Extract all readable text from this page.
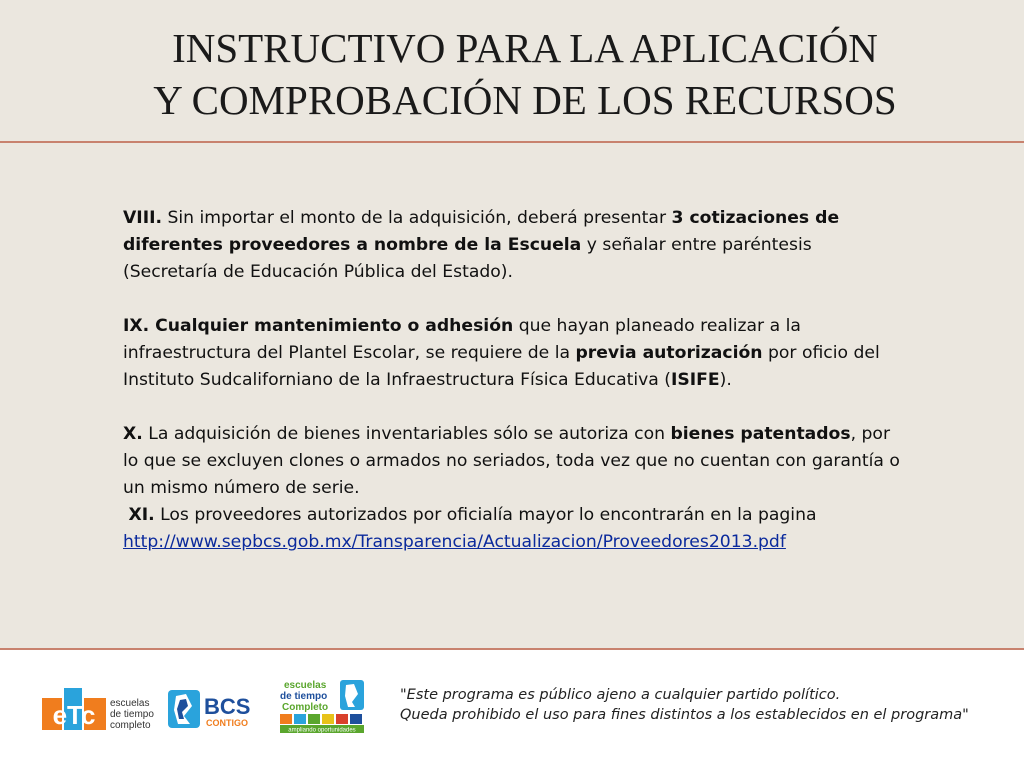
INSTRUCTIVO PARA LA APLICACIÓN
Y COMPROBACIÓN DE LOS RECURSOS

VIII. Sin importar el monto de la adquisición, deberá presentar 3 cotizaciones de diferentes proveedores a nombre de la Escuela y señalar entre paréntesis (Secretaría de Educación Pública del Estado).

IX. Cualquier mantenimiento o adhesión que hayan planeado realizar a la infraestructura del Plantel Escolar, se requiere de la previa autorización por oficio del Instituto Sudcaliforniano de la Infraestructura Física Educativa (ISIFE).

X. La adquisición de bienes inventariables sólo se autoriza con bienes patentados, por lo que se excluyen clones o armados no seriados, toda vez que no cuentan con garantía o un mismo número de serie.

XI. Los proveedores autorizados por oficialía mayor lo encontrarán en la pagina
http://www.sepbcs.gob.mx/Transparencia/Actualizacion/Proveedores2013.pdf

eTc escuelas
de tiempo
completo
BCS
CONTIGO
escuelas
de tiempo
Completo
ampliando oportunidades
"Este programa es público ajeno a cualquier partido político.
Queda prohibido el uso para fines distintos a los establecidos en el programa"
